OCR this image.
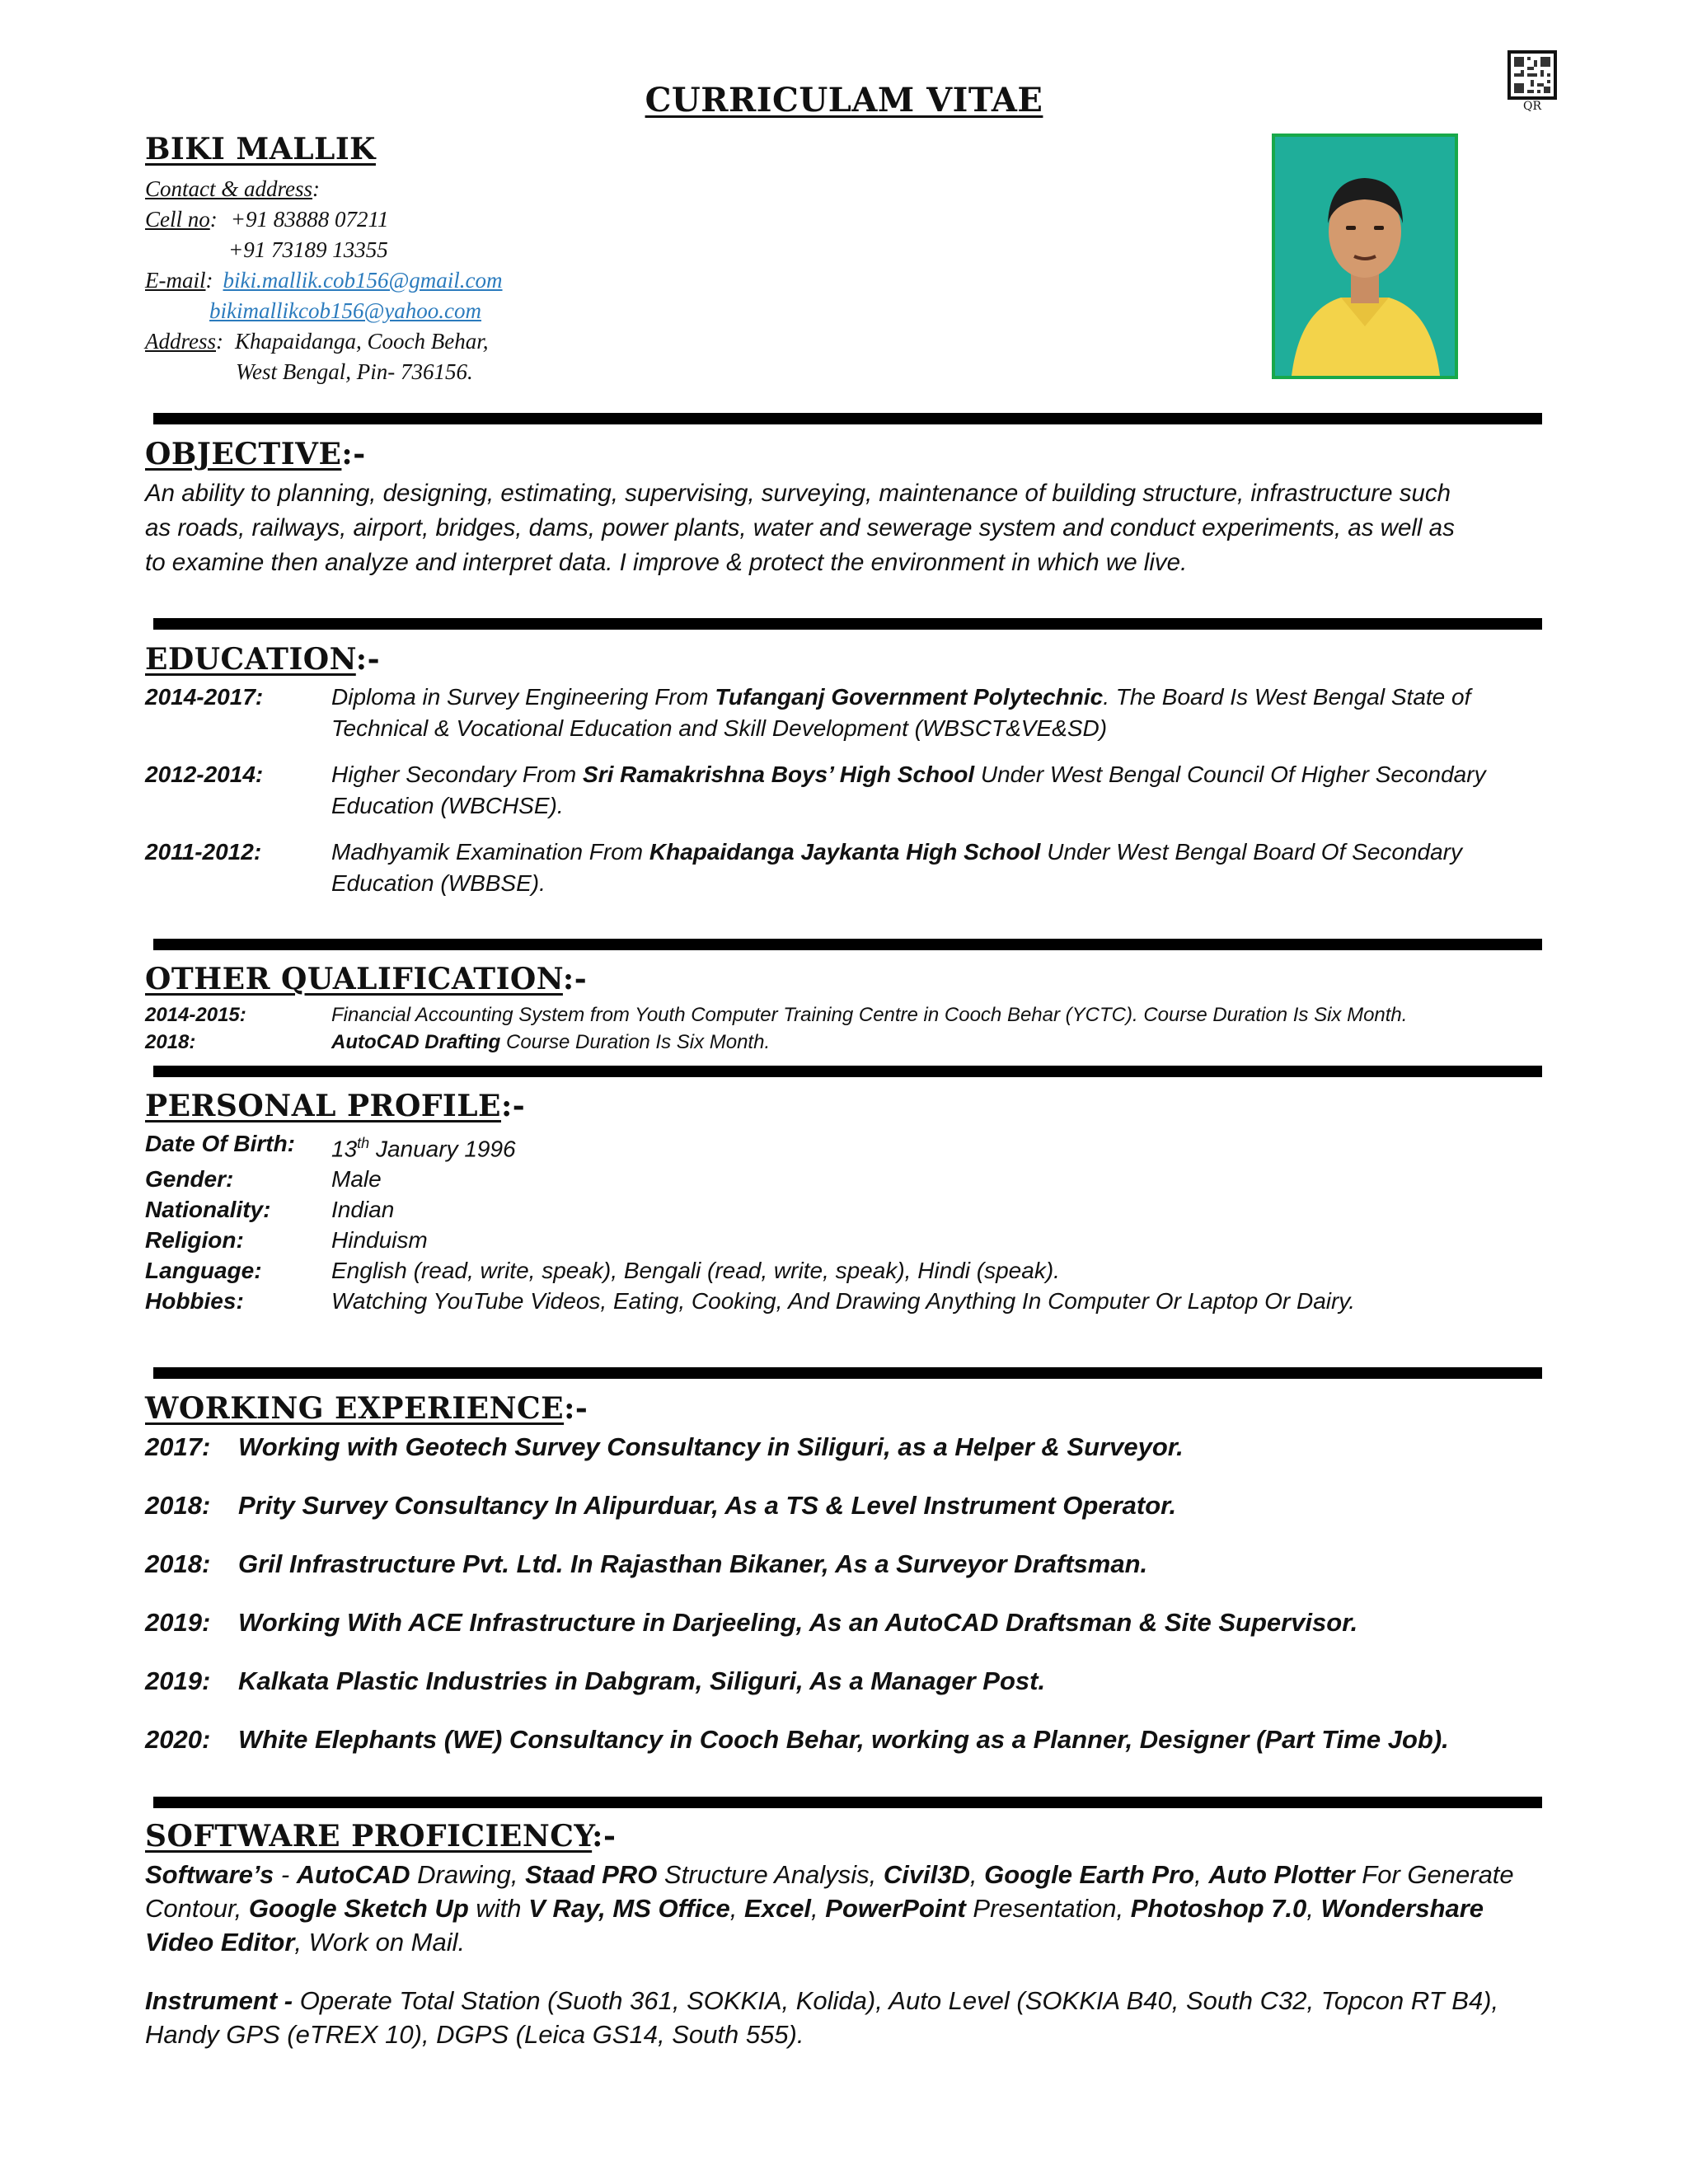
CURRICULAM VITAE	QR
BIKI MALLIK
Contact & address:
Cell no: +91 83888 07211
+91 73189 13355
E-mail: biki.mallik.cob156@gmail.com
bikimallikcob156@yahoo.com
Address: Khapaidanga, Cooch Behar,
West Bengal, Pin- 736156.
OBJECTIVE:-
An ability to planning, designing, estimating, supervising, surveying, maintenance of building structure, infrastructure such
as roads, railways, airport, bridges, dams, power plants, water and sewerage system and conduct experiments, as well as
to examine then analyze and interpret data. I improve & protect the environment in which we live.
EDUCATION:-
2014-2017:	Diploma in Survey Engineering From Tufanganj Government Polytechnic. The Board Is West Bengal State of Technical & Vocational Education and Skill Development (WBSCT&VE&SD)
2012-2014:	Higher Secondary From Sri Ramakrishna Boys’ High School Under West Bengal Council Of Higher Secondary Education (WBCHSE).
2011-2012:	Madhyamik Examination From Khapaidanga Jaykanta High School Under West Bengal Board Of Secondary Education (WBBSE).
OTHER QUALIFICATION:-
2014-2015:	Financial Accounting System from Youth Computer Training Centre in Cooch Behar (YCTC). Course Duration Is Six Month.
2018:	AutoCAD Drafting Course Duration Is Six Month.
PERSONAL PROFILE:-
Date Of Birth:	13th January 1996
Gender:	Male
Nationality:	Indian
Religion:	Hinduism
Language:	English (read, write, speak), Bengali (read, write, speak), Hindi (speak).
Hobbies:	Watching YouTube Videos, Eating, Cooking, And Drawing Anything In Computer Or Laptop Or Dairy.
WORKING EXPERIENCE:-
2017:	Working with Geotech Survey Consultancy in Siliguri, as a Helper & Surveyor.
2018:	Prity Survey Consultancy In Alipurduar, As a TS & Level Instrument Operator.
2018:	Gril Infrastructure Pvt. Ltd. In Rajasthan Bikaner, As a Surveyor Draftsman.
2019:	Working With ACE Infrastructure in Darjeeling, As an AutoCAD Draftsman & Site Supervisor.
2019:	Kalkata Plastic Industries in Dabgram, Siliguri, As a Manager Post.
2020:	White Elephants (WE) Consultancy in Cooch Behar, working as a Planner, Designer (Part Time Job).
SOFTWARE PROFICIENCY:-
Software’s - AutoCAD Drawing, Staad PRO Structure Analysis, Civil3D, Google Earth Pro, Auto Plotter For Generate Contour, Google Sketch Up with V Ray, MS Office, Excel, PowerPoint Presentation, Photoshop 7.0, Wondershare Video Editor, Work on Mail.
Instrument - Operate Total Station (Suoth 361, SOKKIA, Kolida), Auto Level (SOKKIA B40, South C32, Topcon RT B4), Handy GPS (eTREX 10), DGPS (Leica GS14, South 555).
